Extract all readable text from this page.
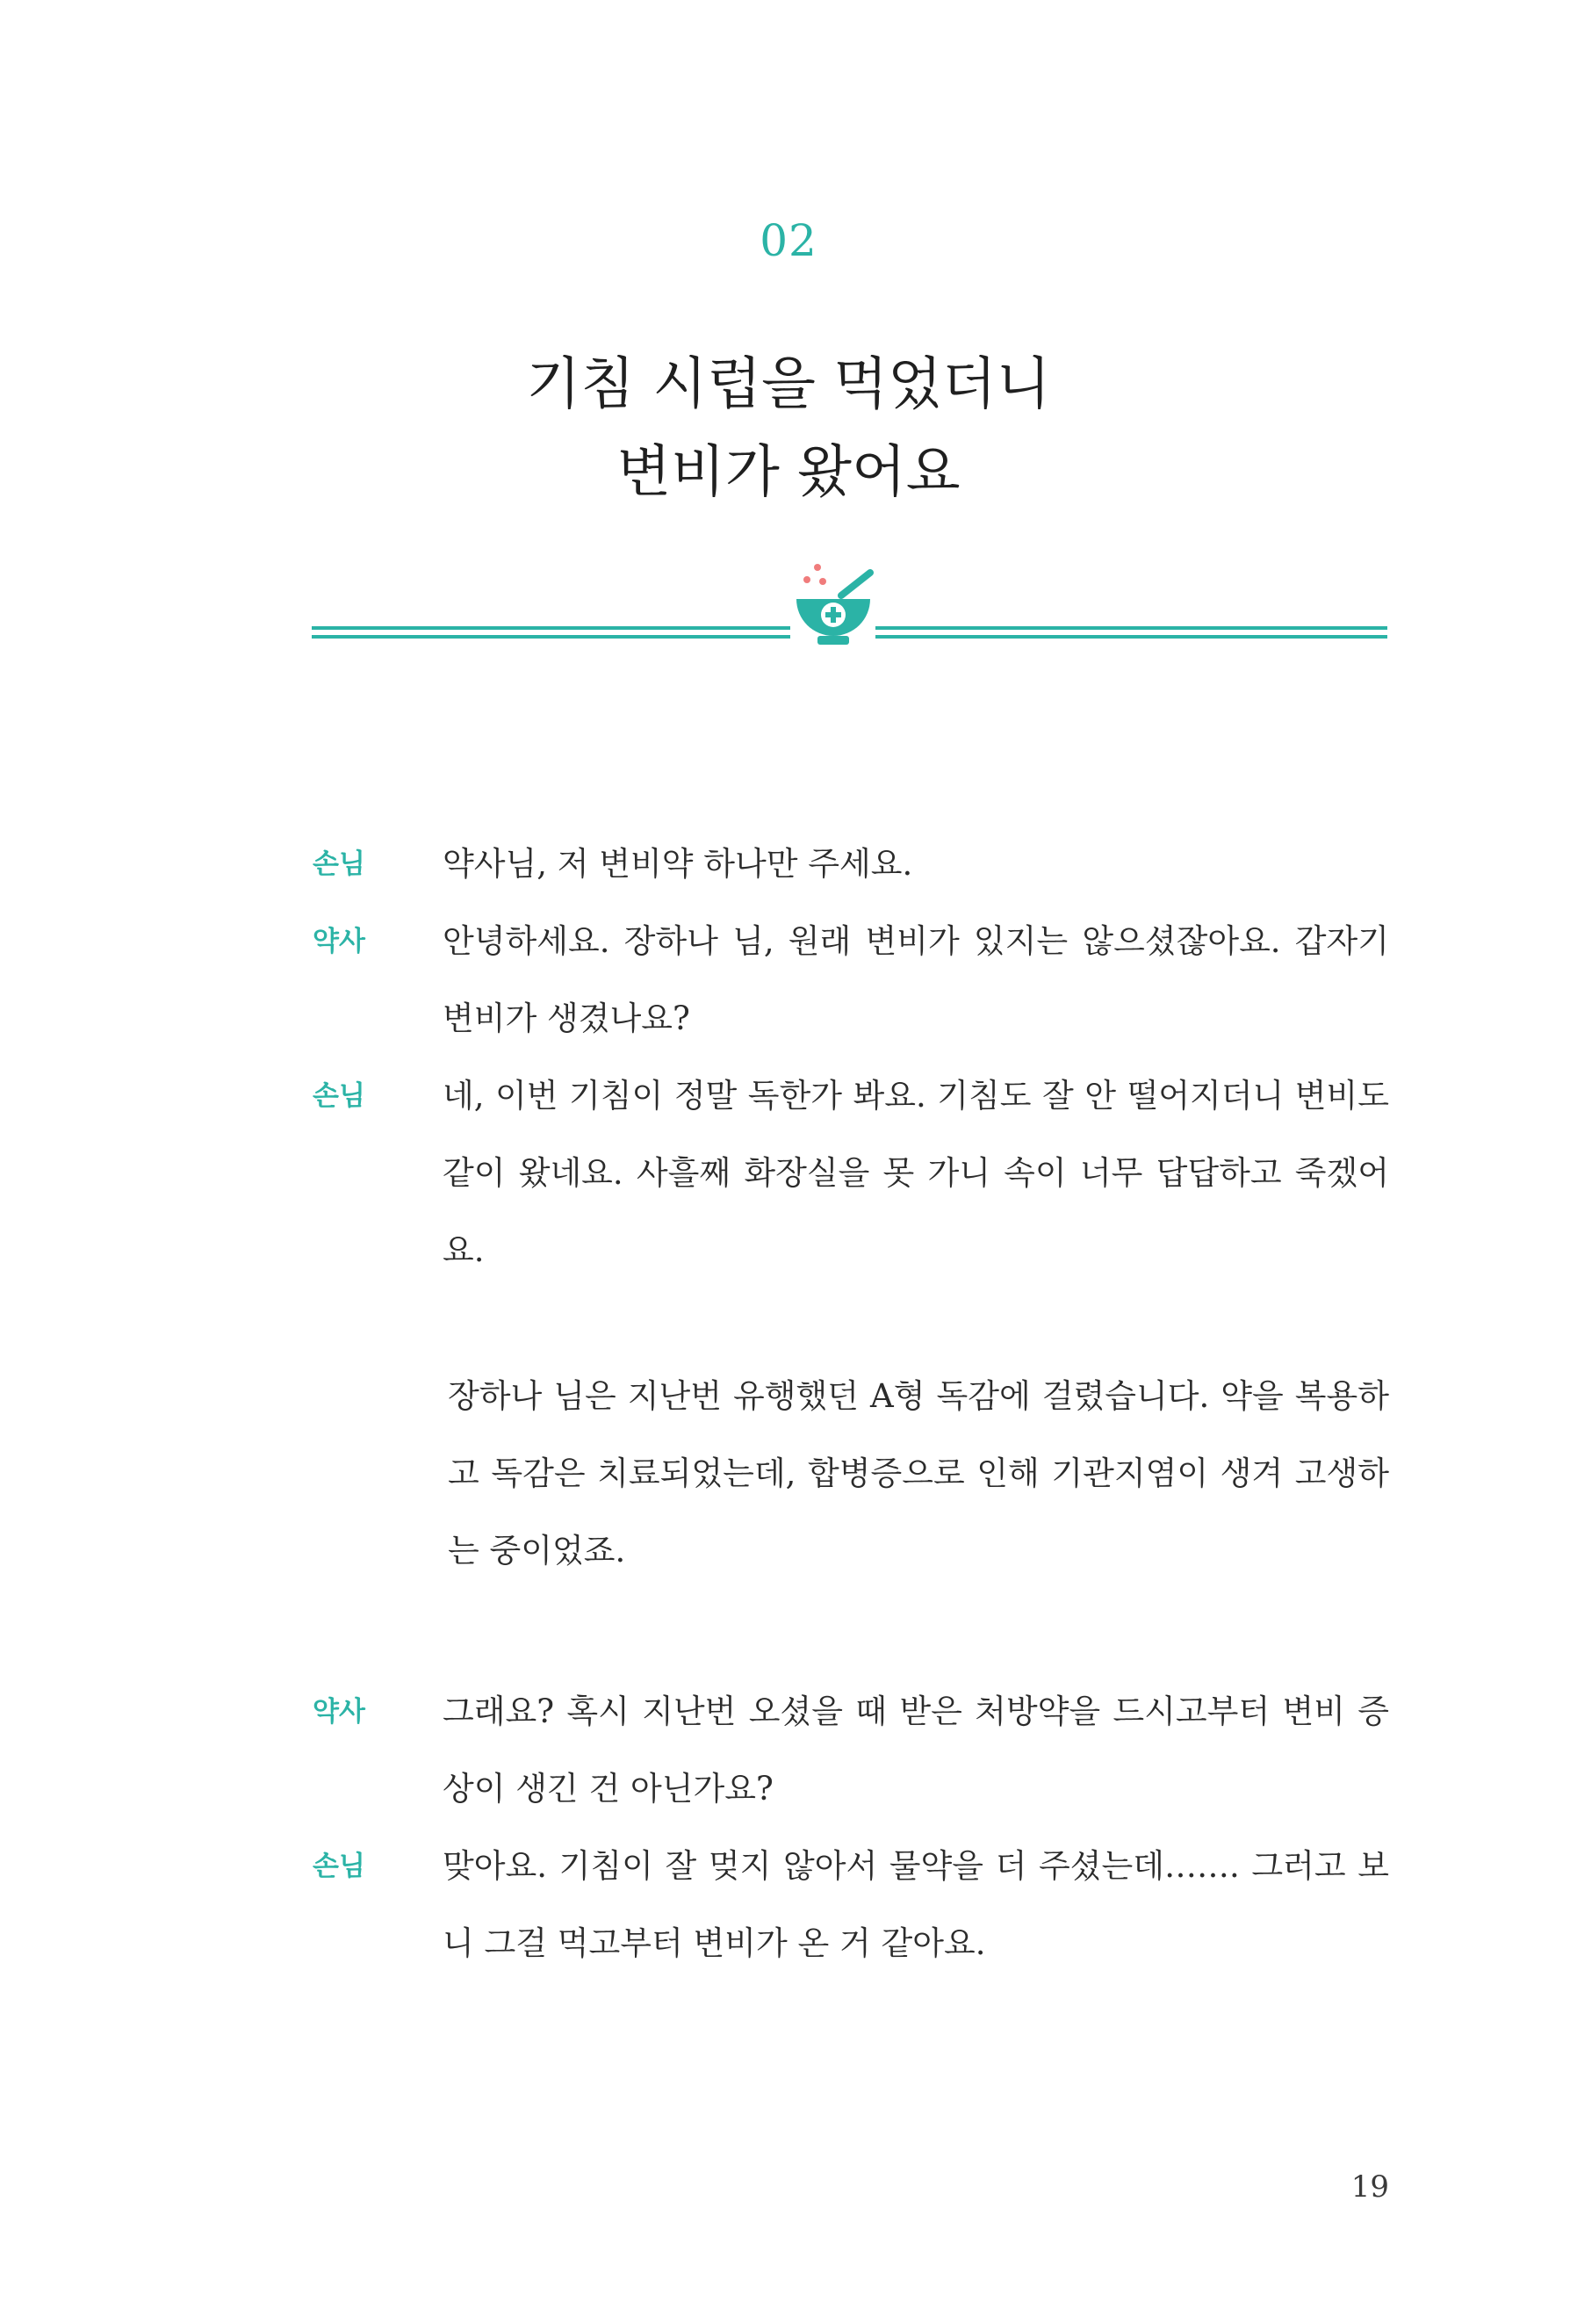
02
기침 시럽을 먹었더니
변비가 왔어요
손님 약사님, 저 변비약 하나만 주세요.
약사 안녕하세요. 장하나 님, 원래 변비가 있지는 않으셨잖아요. 갑자기 변비가 생겼나요?
손님 네, 이번 기침이 정말 독한가 봐요. 기침도 잘 안 떨어지더니 변비도 같이 왔네요. 사흘째 화장실을 못 가니 속이 너무 답답하고 죽겠어요.
장하나 님은 지난번 유행했던 A형 독감에 걸렸습니다. 약을 복용하고 독감은 치료되었는데, 합병증으로 인해 기관지염이 생겨 고생하는 중이었죠.
약사 그래요? 혹시 지난번 오셨을 때 받은 처방약을 드시고부터 변비 증상이 생긴 건 아닌가요?
손님 맞아요. 기침이 잘 멎지 않아서 물약을 더 주셨는데……. 그러고 보니 그걸 먹고부터 변비가 온 거 같아요.
19
